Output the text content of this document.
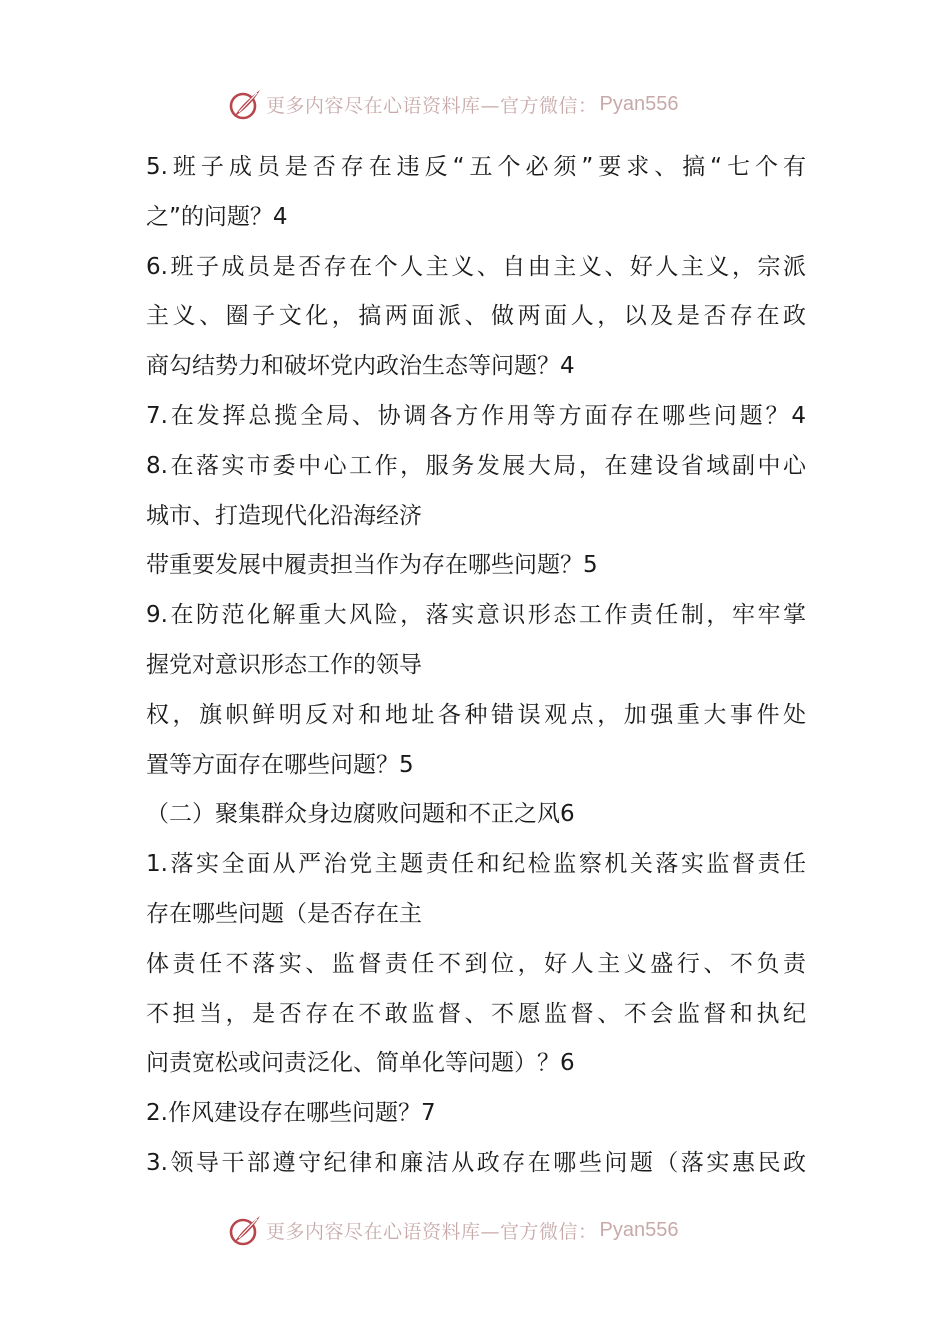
更多内容尽在心语资料库—官方微信： Pyan556
5.班子成员是否存在违反“五个必须”要求、搞“七个有
之”的问题？4
6.班子成员是否存在个人主义、自由主义、好人主义，宗派
主义、圈子文化，搞两面派、做两面人，以及是否存在政
商勾结势力和破坏党内政治生态等问题？4
7.在发挥总揽全局、协调各方作用等方面存在哪些问题？4
8.在落实市委中心工作，服务发展大局，在建设省域副中心
城市、打造现代化沿海经济
带重要发展中履责担当作为存在哪些问题？5
9.在防范化解重大风险，落实意识形态工作责任制，牢牢掌
握党对意识形态工作的领导
权，旗帜鲜明反对和地址各种错误观点，加强重大事件处
置等方面存在哪些问题？5
（二）聚集群众身边腐败问题和不正之风6
1.落实全面从严治党主题责任和纪检监察机关落实监督责任
存在哪些问题（是否存在主
体责任不落实、监督责任不到位，好人主义盛行、不负责
不担当，是否存在不敢监督、不愿监督、不会监督和执纪
问责宽松或问责泛化、简单化等问题）？6
2.作风建设存在哪些问题？7
3.领导干部遵守纪律和廉洁从政存在哪些问题（落实惠民政
更多内容尽在心语资料库—官方微信： Pyan556
